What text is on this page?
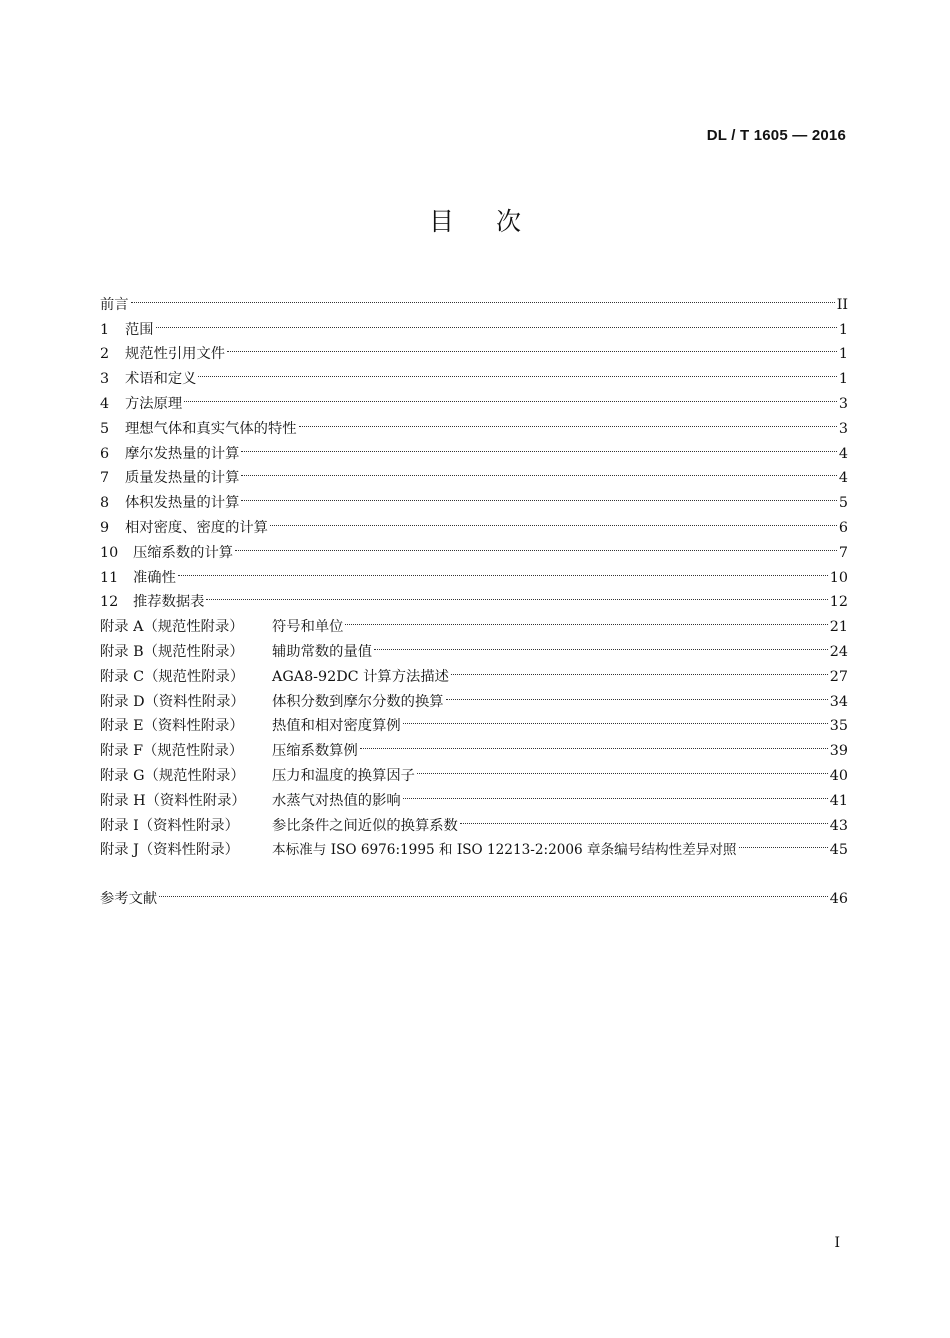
DL / T 1605 — 2016
目次
前言	II
1	范围	1
2	规范性引用文件	1
3	术语和定义	1
4	方法原理	3
5	理想气体和真实气体的特性	3
6	摩尔发热量的计算	4
7	质量发热量的计算	4
8	体积发热量的计算	5
9	相对密度、密度的计算	6
10	压缩系数的计算	7
11	准确性	10
12	推荐数据表	12
附录 A（规范性附录）	符号和单位	21
附录 B（规范性附录）	辅助常数的量值	24
附录 C（规范性附录）	AGA8-92DC 计算方法描述	27
附录 D（资料性附录）	体积分数到摩尔分数的换算	34
附录 E（资料性附录）	热值和相对密度算例	35
附录 F（规范性附录）	压缩系数算例	39
附录 G（规范性附录）	压力和温度的换算因子	40
附录 H（资料性附录）	水蒸气对热值的影响	41
附录 I（资料性附录）	参比条件之间近似的换算系数	43
附录 J（资料性附录）	本标准与 ISO 6976:1995 和 ISO 12213-2:2006 章条编号结构性差异对照	45
参考文献	46
I
